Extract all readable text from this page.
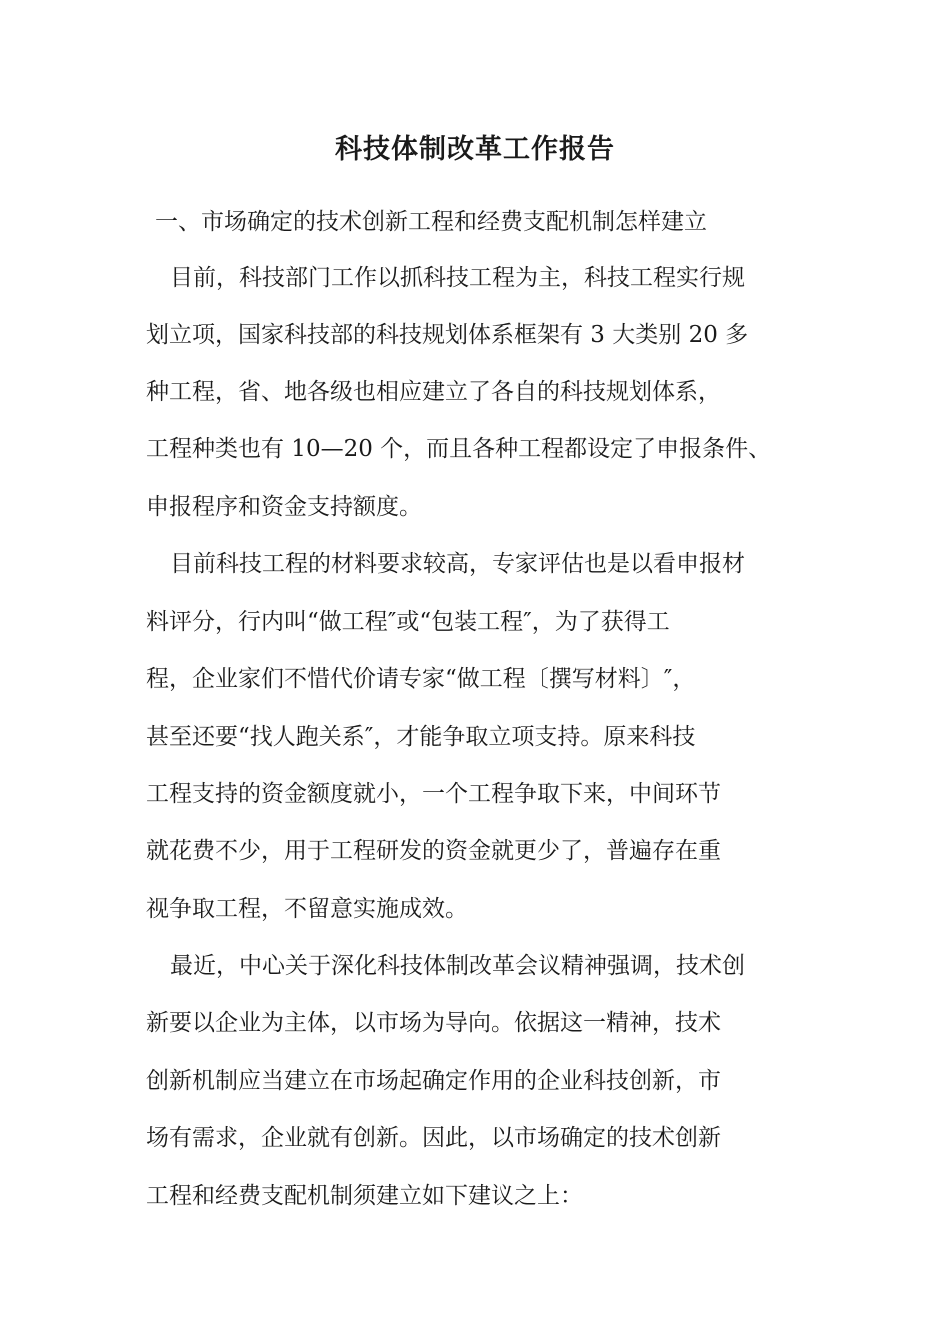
科技体制改革工作报告
一、市场确定的技术创新工程和经费支配机制怎样建立
目前，科技部门工作以抓科技工程为主，科技工程实行规
划立项，国家科技部的科技规划体系框架有 3 大类别 20 多
种工程，省、地各级也相应建立了各自的科技规划体系，
工程种类也有 10—20 个，而且各种工程都设定了申报条件、
申报程序和资金支持额度。
目前科技工程的材料要求较高，专家评估也是以看申报材
料评分，行内叫“做工程″或“包装工程″，为了获得工
程，企业家们不惜代价请专家“做工程〔撰写材料〕″，
甚至还要“找人跑关系″，才能争取立项支持。原来科技
工程支持的资金额度就小，一个工程争取下来，中间环节
就花费不少，用于工程研发的资金就更少了，普遍存在重
视争取工程，不留意实施成效。
最近，中心关于深化科技体制改革会议精神强调，技术创
新要以企业为主体，以市场为导向。依据这一精神，技术
创新机制应当建立在市场起确定作用的企业科技创新，市
场有需求，企业就有创新。因此，以市场确定的技术创新
工程和经费支配机制须建立如下建议之上：
